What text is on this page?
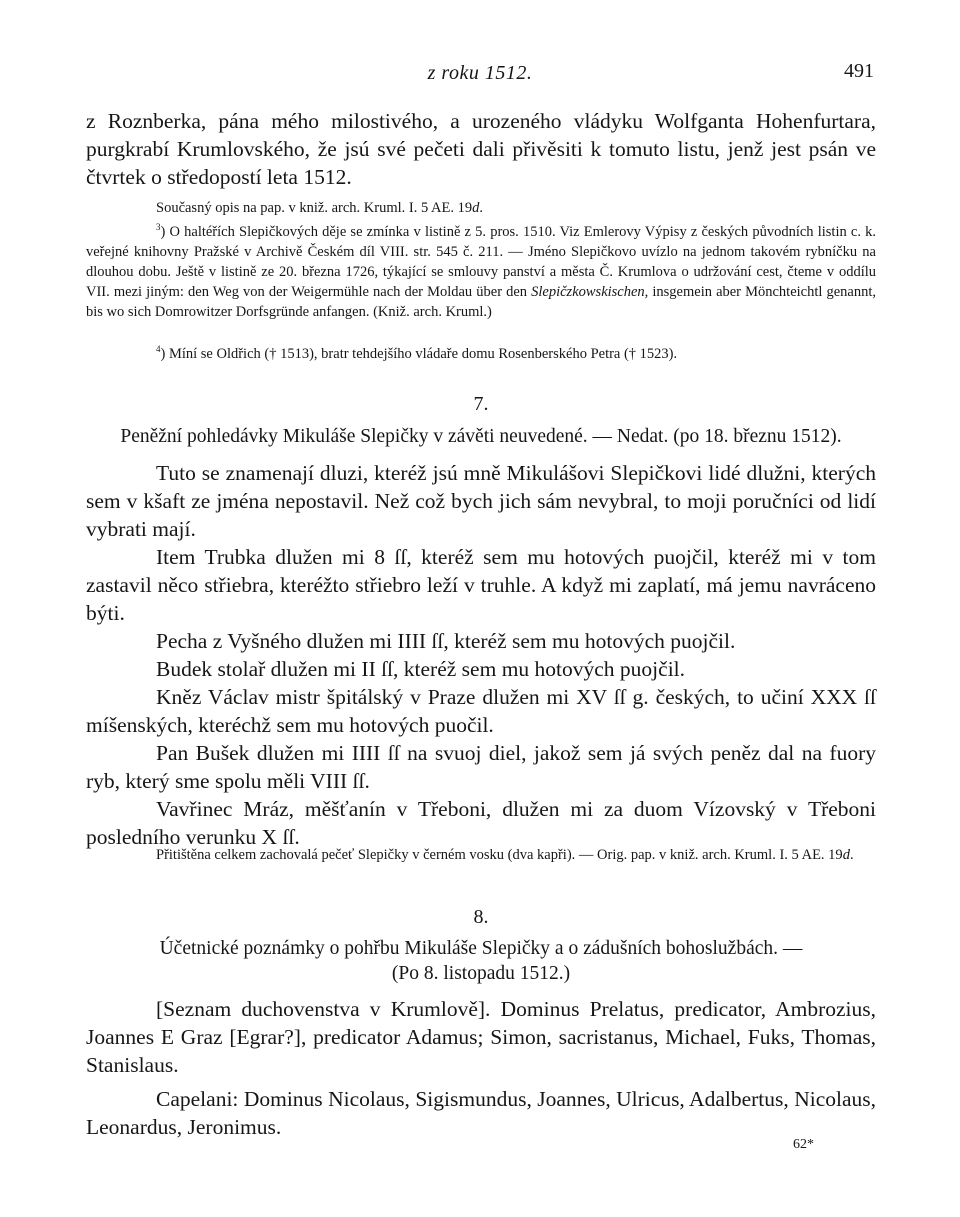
z roku 1512.	491

z Roznberka, pána mého milostivého, a urozeného vládyku Wolfganta Hohenfurtara, purgkrabí Krumlovského, že jsú své pečeti dali přivěsiti k tomuto listu, jenž jest psán ve čtvrtek o středopostí leta 1512.

Současný opis na pap. v kniž. arch. Kruml. I. 5 AE. 19d.

$^3$) O haltéřích Slepičkových děje se zmínka v listině z 5. pros. 1510. Viz Emlerovy Výpisy z českých původních listin c. k. veřejné knihovny Pražské v Archivě Českém díl VIII. str. 545 č. 211. — Jméno Slepičkovo uvízlo na jednom takovém rybníčku na dlouhou dobu. Ještě v listině ze 20. března 1726, týkající se smlouvy panství a města Č. Krumlova o udržování cest, čteme v oddílu VII. mezi jiným: den Weg von der Weigermühle nach der Moldau über den Slepičzkowskischen, insgemein aber Mönchteichtl genannt, bis wo sich Domrowitzer Dorfsgründe anfangen. (Kniž. arch. Kruml.)

$^4$) Míní se Oldřich († 1513), bratr tehdejšího vládaře domu Rosenberského Petra († 1523).

7.
Peněžní pohledávky Mikuláše Slepičky v závěti neuvedené. — Nedat. (po 18. březnu 1512).

Tuto se znamenají dluzi, kteréž jsú mně Mikulášovi Slepičkovi lidé dlužni, kterých sem v kšaft ze jména nepostavil. Než což bych jich sám nevybral, to moji poručníci od lidí vybrati mají.

Item Trubka dlužen mi 8 ſſ, kteréž sem mu hotových puojčil, kteréž mi v tom zastavil něco střiebra, kteréžto střiebro leží v truhle. A když mi zaplatí, má jemu navráceno býti.

Pecha z Vyšného dlužen mi IIII ſſ, kteréž sem mu hotových puojčil.

Budek stolař dlužen mi II ſſ, kteréž sem mu hotových puojčil.

Kněz Václav mistr špitálský v Praze dlužen mi XV ſſ g. českých, to učiní XXX ſſ míšenských, kteréchž sem mu hotových puočil.

Pan Bušek dlužen mi IIII ſſ na svuoj diel, jakož sem já svých peněz dal na fuory ryb, který sme spolu měli VIII ſſ.

Vavřinec Mráz, měšťanín v Třeboni, dlužen mi za duom Vízovský v Třeboni posledního verunku X ſſ.

Přitištěna celkem zachovalá pečeť Slepičky v černém vosku (dva kapři). — Orig. pap. v kniž. arch. Kruml. I. 5 AE. 19d.

8.
Účetnické poznámky o pohřbu Mikuláše Slepičky a o zádušních bohoslužbách. —
(Po 8. listopadu 1512.)

[Seznam duchovenstva v Krumlově]. Dominus Prelatus, predicator, Ambrozius, Joannes E Graz [Egrar?], predicator Adamus; Simon, sacristanus, Michael, Fuks, Thomas, Stanislaus.

Capelani: Dominus Nicolaus, Sigismundus, Joannes, Ulricus, Adalbertus, Nicolaus, Leonardus, Jeronimus.

62*
